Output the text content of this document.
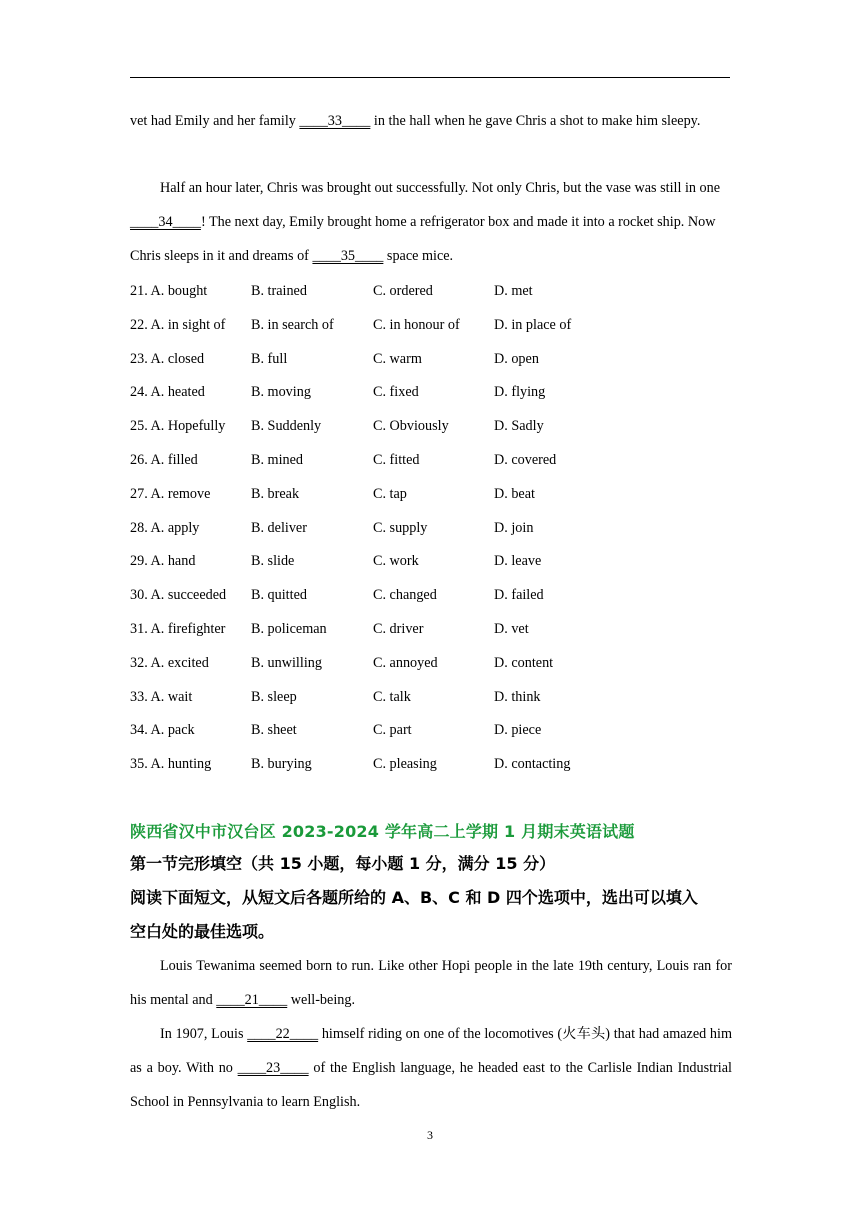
vet had Emily and her family ____33____ in the hall when he gave Chris a shot to make him sleepy.

Half an hour later, Chris was brought out successfully. Not only Chris, but the vase was still in one ____34____! The next day, Emily brought home a refrigerator box and made it into a rocket ship. Now Chris sleeps in it and dreams of ____35____ space mice.

21. A. bought	B. trained	C. ordered	D. met
22. A. in sight of B. in search of	C. in honour of D. in place of
23. A. closed	B. full	C. warm	D. open
24. A. heated	B. moving	C. fixed	D. flying
25. A. Hopefully B. Suddenly	C. Obviously	D. Sadly
26. A. filled	B. mined	C. fitted	D. covered
27. A. remove	B. break	C. tap	D. beat
28. A. apply	B. deliver	C. supply	D. join
29. A. hand	B. slide	C. work	D. leave
30. A. succeeded B. quitted	C. changed	D. failed
31. A. firefighter B. policeman	C. driver	D. vet
32. A. excited	B. unwilling	C. annoyed	D. content
33. A. wait	B. sleep	C. talk	D. think
34. A. pack	B. sheet	C. part	D. piece
35. A. hunting	B. burying	C. pleasing	D. contacting
陕西省汉中市汉台区 2023-2024 学年高二上学期 1 月期末英语试题

第一节完形填空（共 15 小题，每小题 1 分，满分 15 分）

阅读下面短文，从短文后各题所给的 A、B、C 和 D 四个选项中，选出可以填入

空白处的最佳选项。

Louis Tewanima seemed born to run. Like other Hopi people in the late 19th century, Louis ran for his mental and ____21____ well-being.

In 1907, Louis ____22____ himself riding on one of the locomotives (火车头) that had amazed him as a boy. With no ____23____ of the English language, he headed east to the Carlisle Indian Industrial School in Pennsylvania to learn English.

3
